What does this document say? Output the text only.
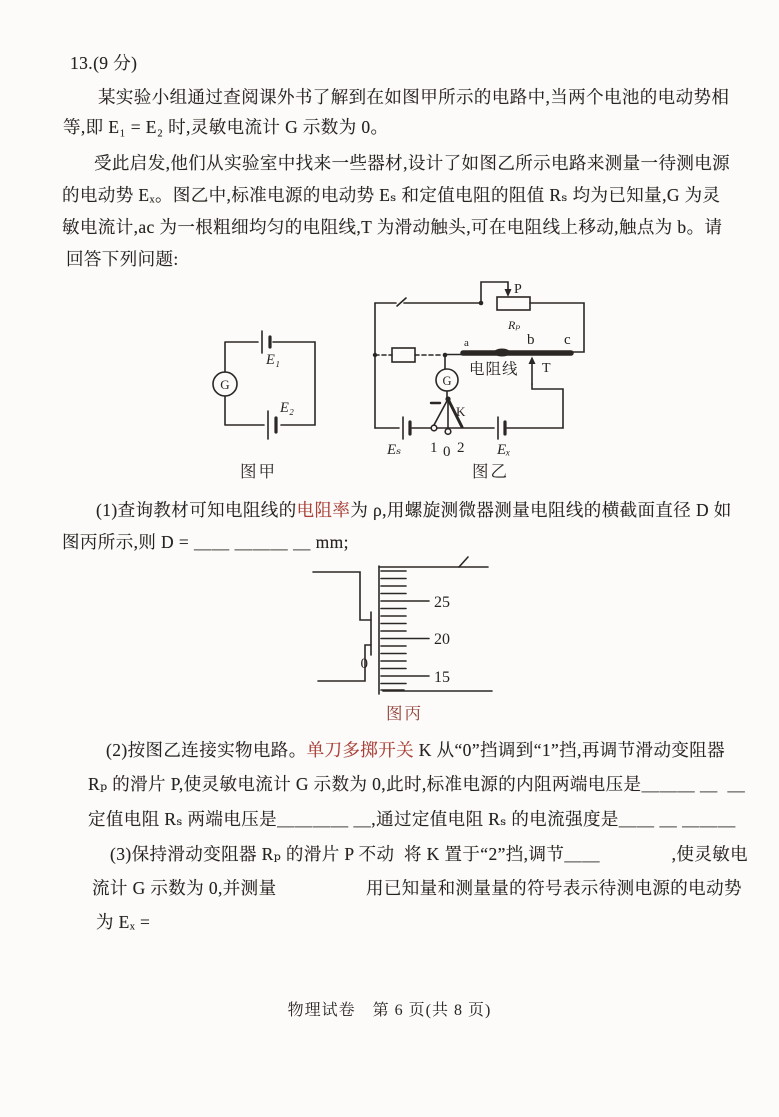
13.(9 分)
某实验小组通过查阅课外书了解到在如图甲所示的电路中,当两个电池的电动势相
等,即 E₁ = E₂ 时,灵敏电流计 G 示数为 0。
受此启发,他们从实验室中找来一些器材,设计了如图乙所示电路来测量一待测电源
的电动势 Eₓ。图乙中,标准电源的电动势 Eₛ 和定值电阻的阻值 Rₛ 均为已知量,G 为灵
敏电流计,ac 为一根粗细均匀的电阻线,T 为滑动触头,可在电阻线上移动,触点为 b。请
回答下列问题:
(1)查询教材可知电阻线的电阻率为 ρ,用螺旋测微器测量电阻线的横截面直径 D 如
图丙所示,则 D = ＿＿ ＿＿＿ ＿ mm;
(2)按图乙连接实物电路。单刀多掷开关 K 从“0”挡调到“1”挡,再调节滑动变阻器
Rₚ 的滑片 P,使灵敏电流计 G 示数为 0,此时,标准电源的内阻两端电压是＿＿＿ ＿  ＿
定值电阻 Rₛ 两端电压是＿＿＿＿ ＿,通过定值电阻 Rₛ 的电流强度是＿＿ ＿ ＿＿＿
(3)保持滑动变阻器 Rₚ 的滑片 P 不动  将 K 置于“2”挡,调节＿＿　　　　,使灵敏电
流计 G 示数为 0,并测量　　　　　用已知量和测量量的符号表示待测电源的电动势
为 Eₓ =
物理试卷　第 6 页(共 8 页)
图甲	图乙
图丙
G
E₁
E₂
P
Rₚ
a	b c
电阻线 T
G
K
Eₛ 1 0 2 Eₓ
0
25
20
15
